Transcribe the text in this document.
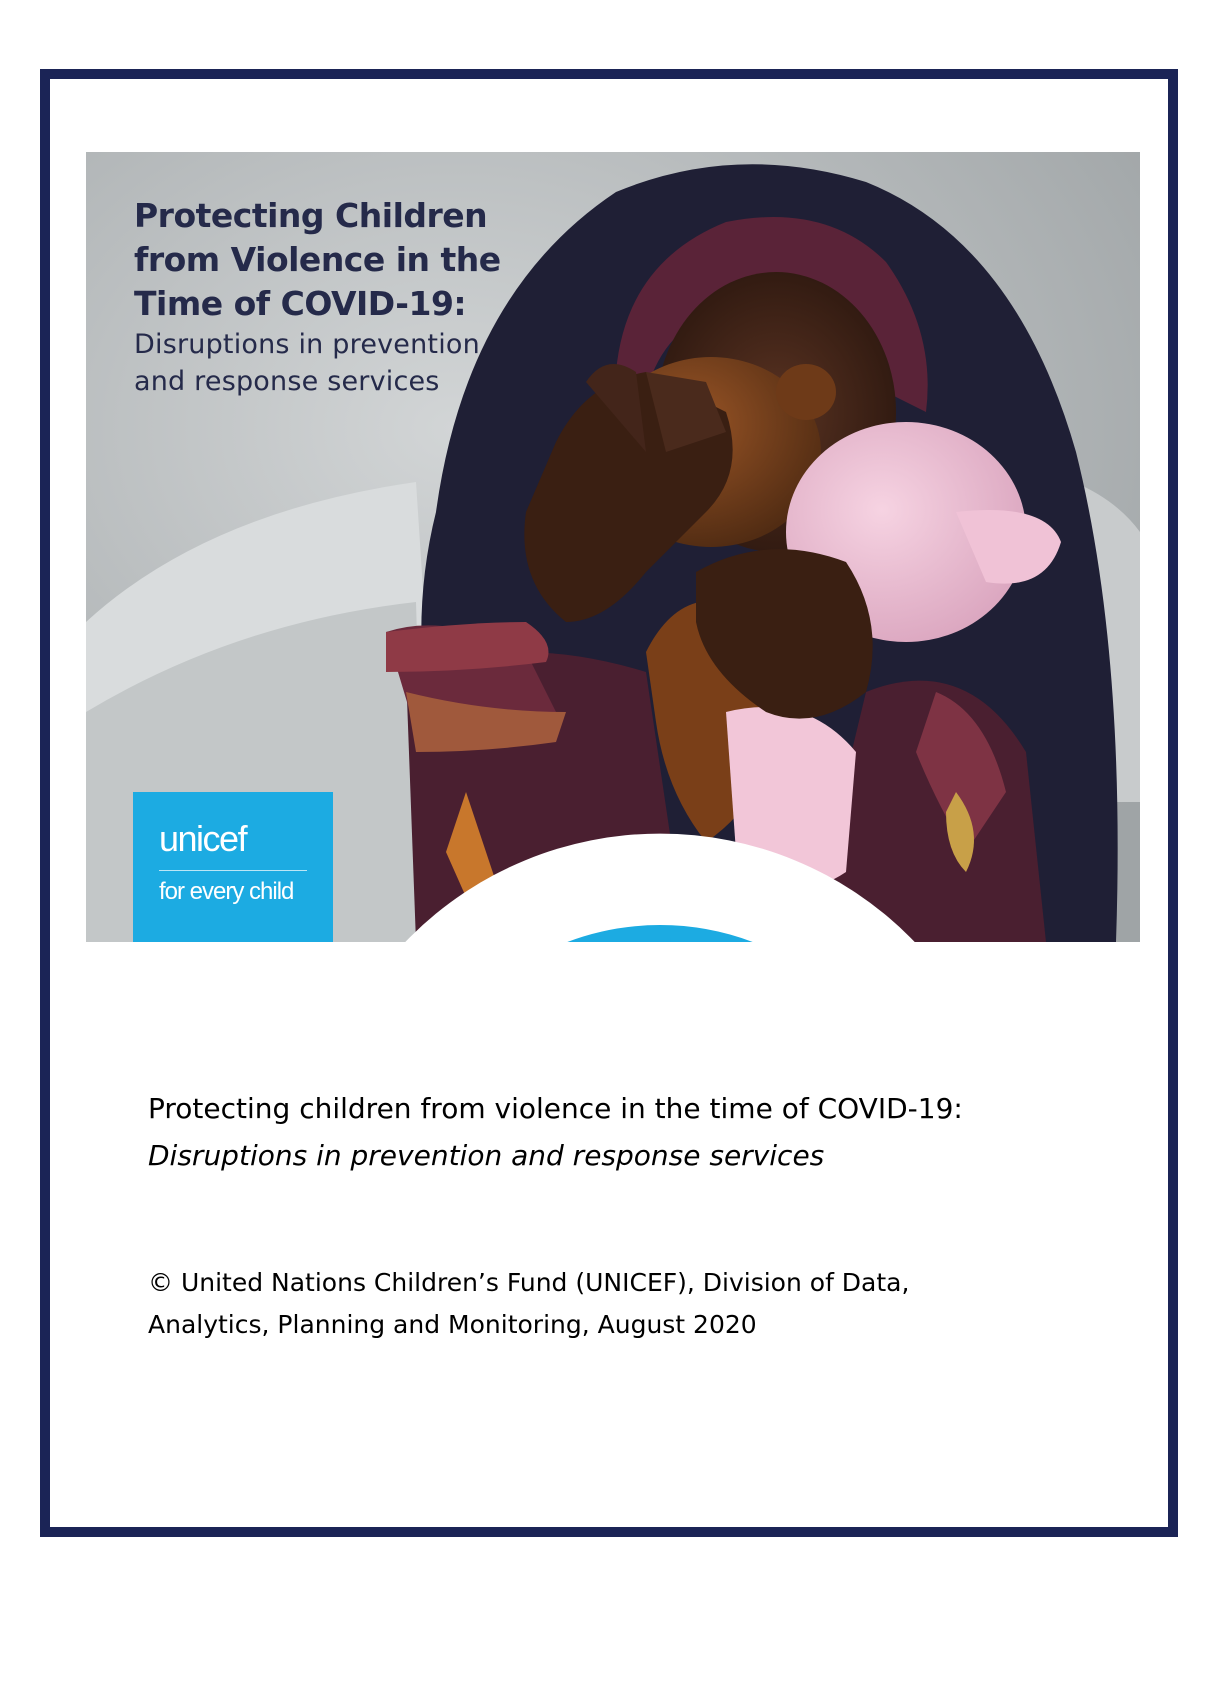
Protecting Children
from Violence in the
Time of COVID-19:
Disruptions in prevention
and response services
unicef
for every child
Protecting children from violence in the time of COVID-19:
Disruptions in prevention and response services
© United Nations Children’s Fund (UNICEF), Division of Data,
Analytics, Planning and Monitoring, August 2020
